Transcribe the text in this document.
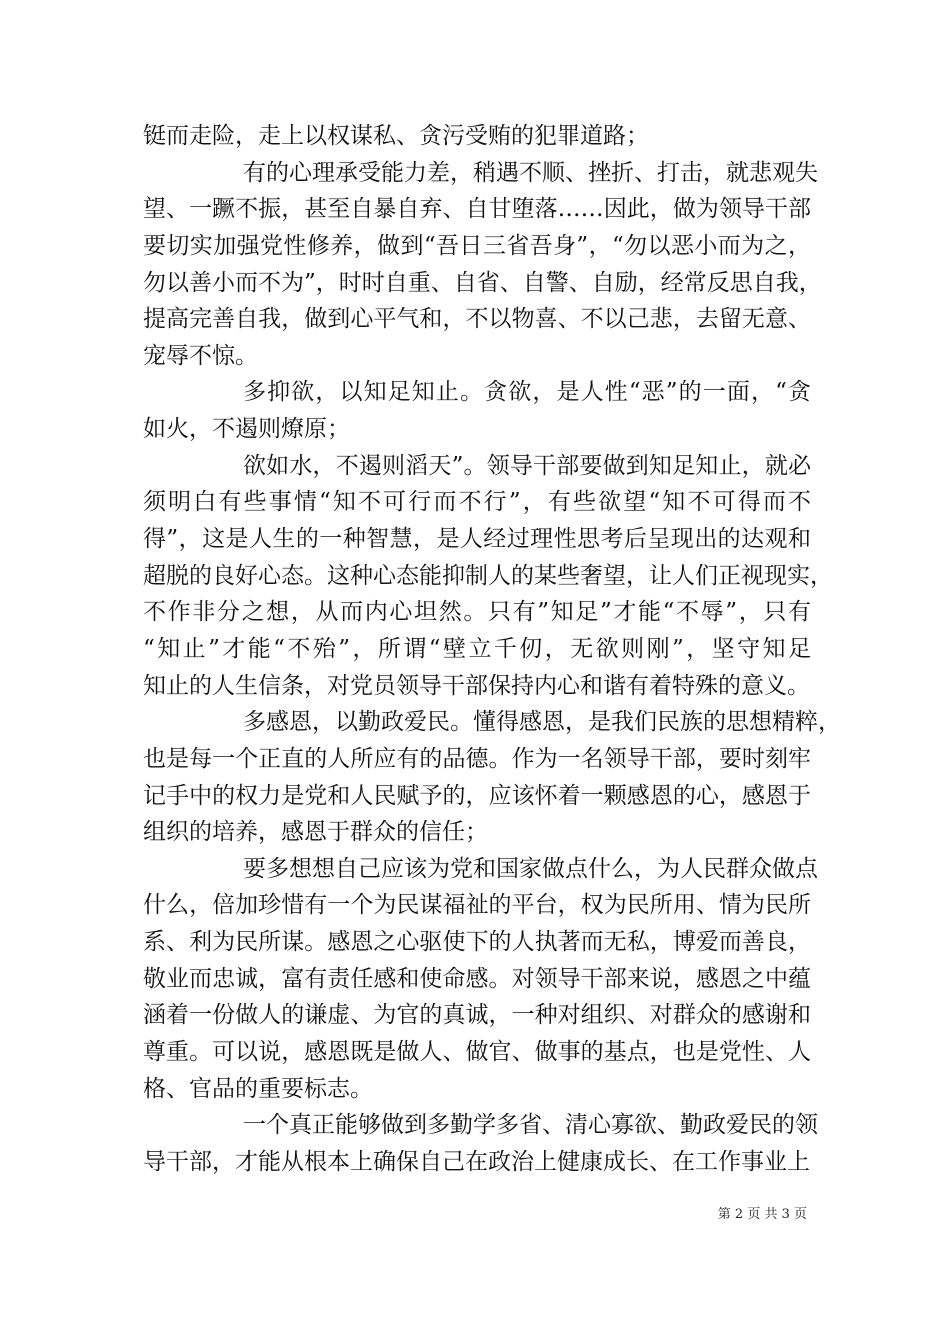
铤而走险，走上以权谋私、贪污受贿的犯罪道路；
有的心理承受能力差，稍遇不顺、挫折、打击，就悲观失
望、一蹶不振，甚至自暴自弃、自甘堕落……因此，做为领导干部
要切实加强党性修养，做到“吾日三省吾身”，“勿以恶小而为之，
勿以善小而不为”，时时自重、自省、自警、自励，经常反思自我，
提高完善自我，做到心平气和，不以物喜、不以己悲，去留无意、
宠辱不惊。
多抑欲，以知足知止。贪欲，是人性“恶”的一面，“贪
如火，不遏则燎原；
欲如水，不遏则滔天”。领导干部要做到知足知止，就必
须明白有些事情“知不可行而不行”，有些欲望“知不可得而不
得”，这是人生的一种智慧，是人经过理性思考后呈现出的达观和
超脱的良好心态。这种心态能抑制人的某些奢望，让人们正视现实，
不作非分之想，从而内心坦然。只有”知足”才能“不辱”，只有
“知止”才能“不殆”，所谓“壁立千仞，无欲则刚”，坚守知足
知止的人生信条，对党员领导干部保持内心和谐有着特殊的意义。
多感恩，以勤政爱民。懂得感恩，是我们民族的思想精粹，
也是每一个正直的人所应有的品德。作为一名领导干部，要时刻牢
记手中的权力是党和人民赋予的，应该怀着一颗感恩的心，感恩于
组织的培养，感恩于群众的信任；
要多想想自己应该为党和国家做点什么，为人民群众做点
什么，倍加珍惜有一个为民谋福祉的平台，权为民所用、情为民所
系、利为民所谋。感恩之心驱使下的人执著而无私，博爱而善良，
敬业而忠诚，富有责任感和使命感。对领导干部来说，感恩之中蕴
涵着一份做人的谦虚、为官的真诚，一种对组织、对群众的感谢和
尊重。可以说，感恩既是做人、做官、做事的基点，也是党性、人
格、官品的重要标志。
一个真正能够做到多勤学多省、清心寡欲、勤政爱民的领
导干部，才能从根本上确保自己在政治上健康成长、在工作事业上
第 2 页 共 3 页
